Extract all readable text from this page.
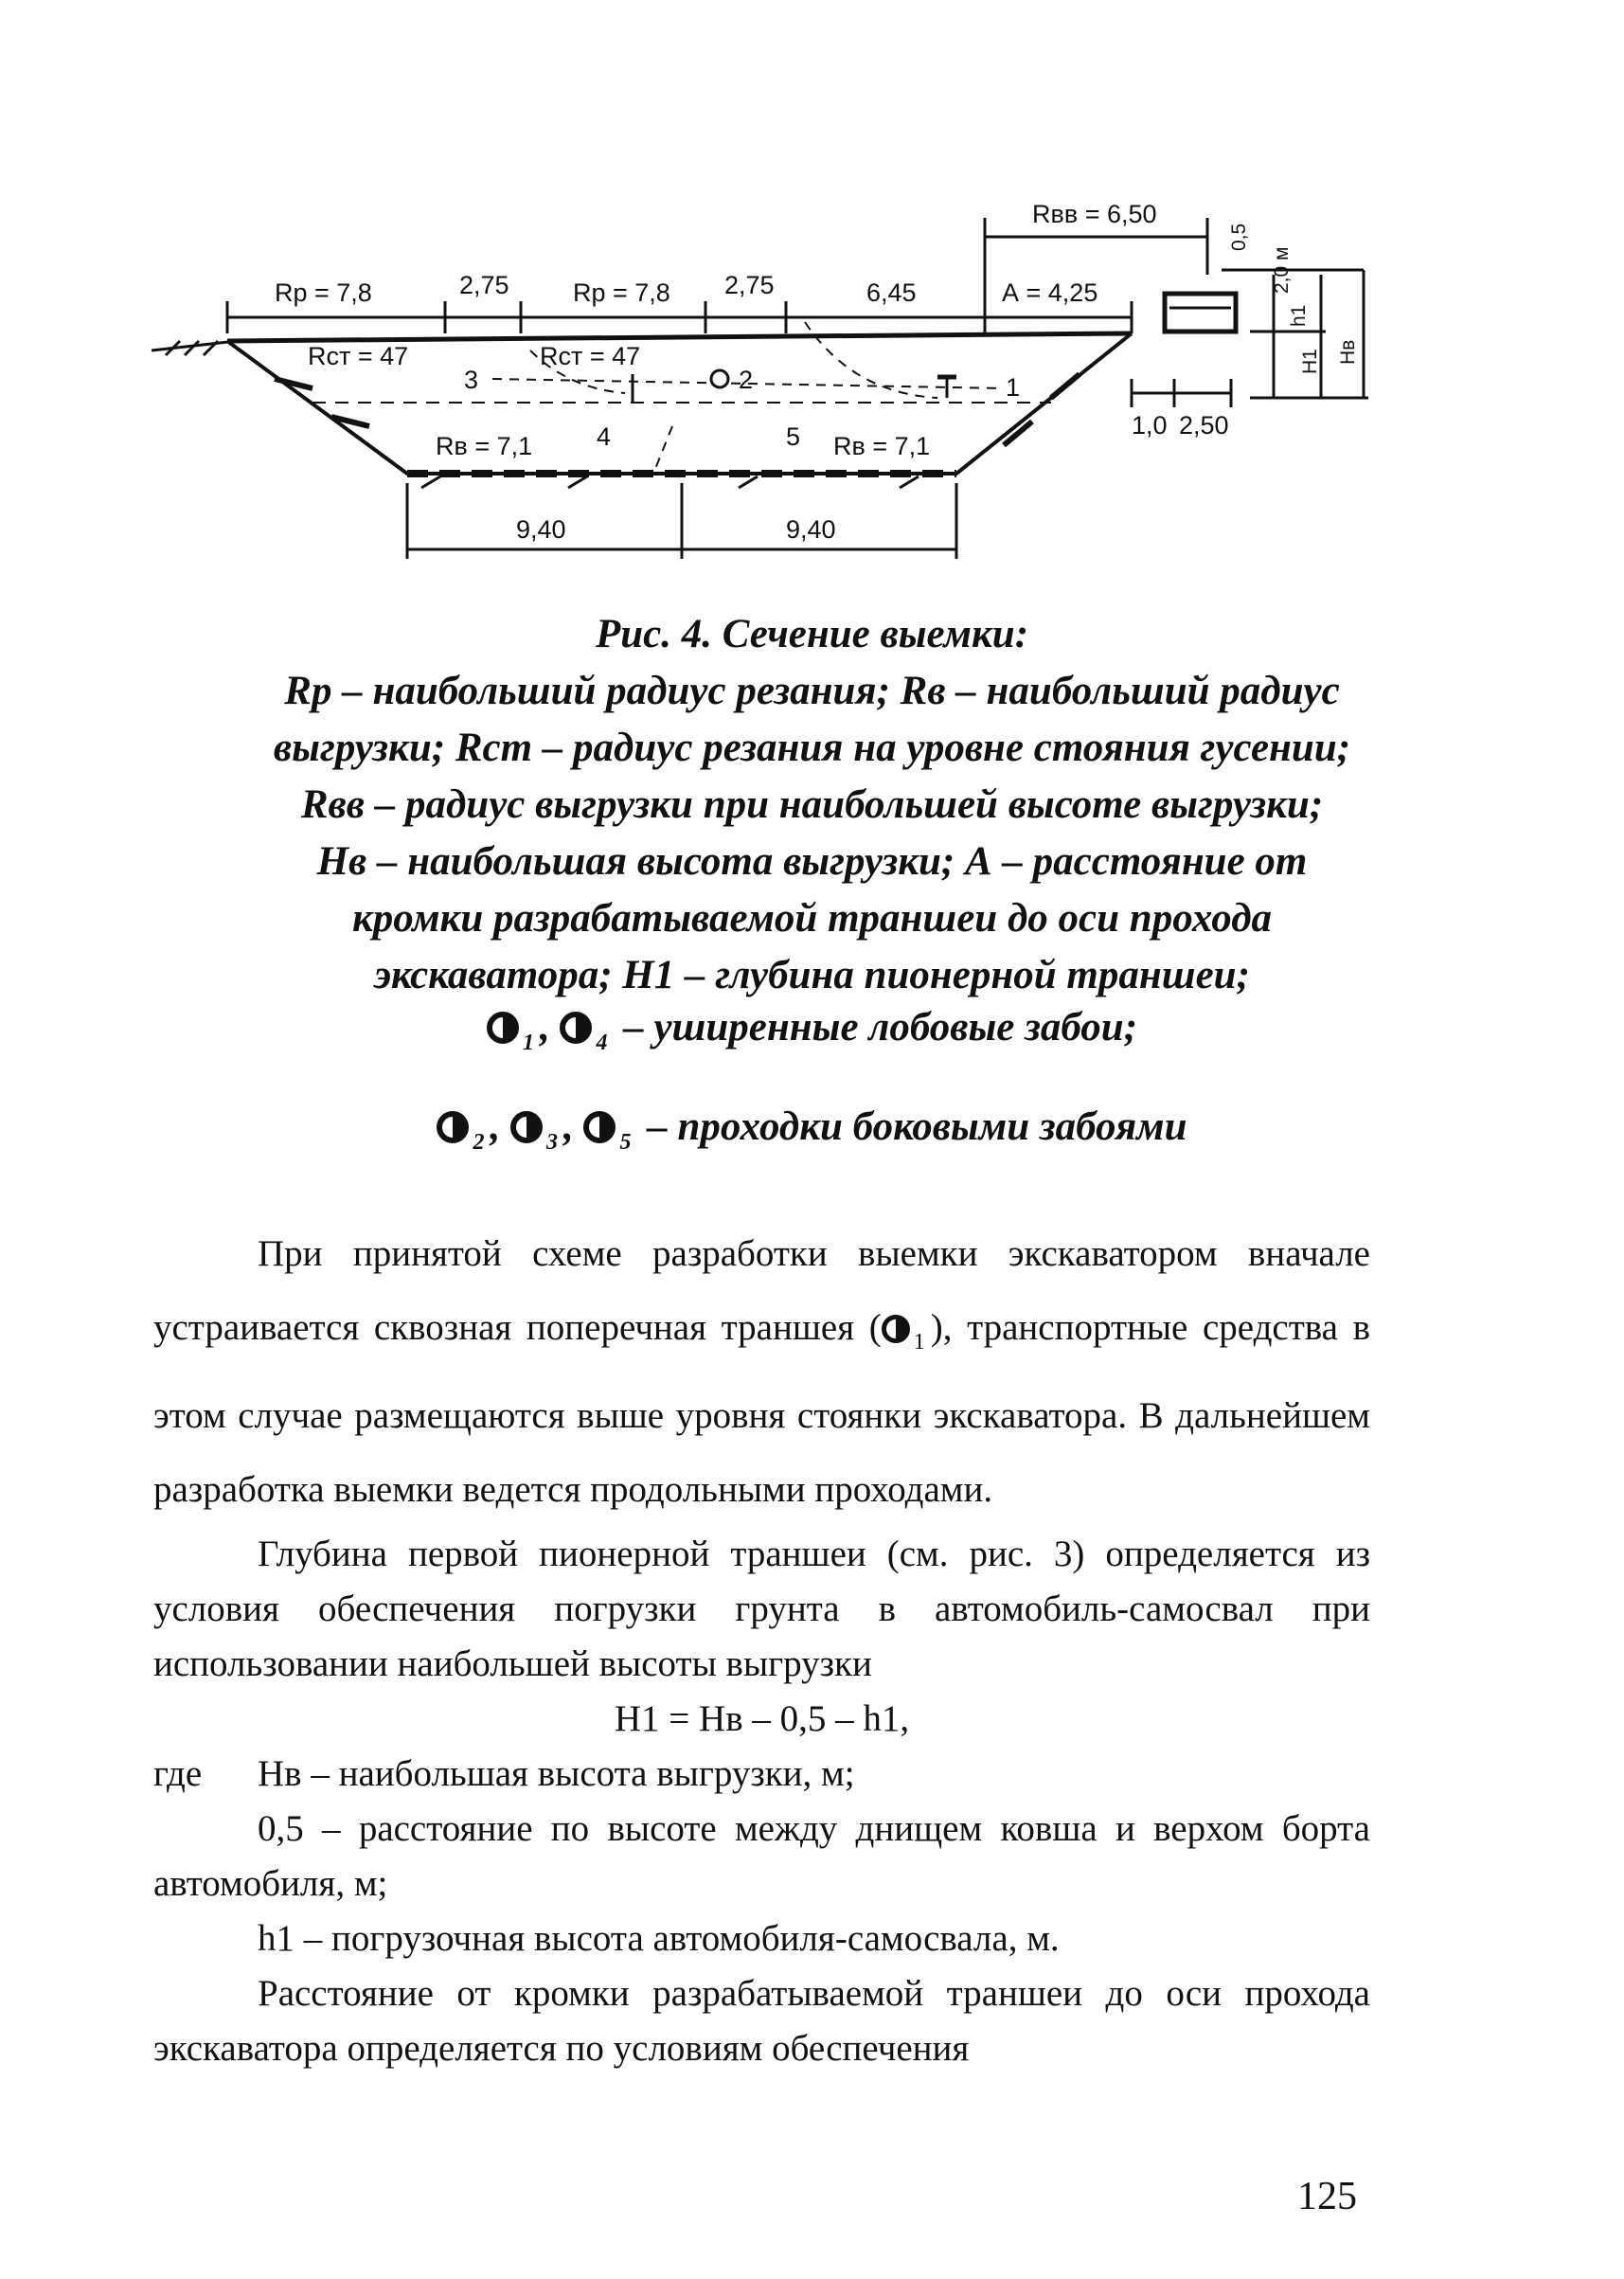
Rвв = 6,50
0,5
2,0 м
Rр = 7,8	2,75 Rр = 7,8 2,75	6,45	А = 4,25
Rст = 47	Rст = 47
3	2	1
4	5
Rв = 7,1	Rв = 7,1
h1
Н1 Нв
1,0 2,50
9,40	9,40

Рис. 4. Сечение выемки:

Rр – наибольший радиус резания; Rв – наибольший радиус

выгрузки; Rст – радиус резания на уровне стояния гусении;

Rвв – радиус выгрузки при наибольшей высоте выгрузки;

Нв – наибольшая высота выгрузки; А – расстояние от

кромки разрабатываемой траншеи до оси прохода

экскаватора; Н1 – глубина пионерной траншеи;

$_1$ , $_4$ – уширенные лобовые забои;
$_2$ , $_3$ , $_5$ – проходки боковыми забоями

При принятой схеме разработки выемки экскаватором вначале устраивается сквозная поперечная траншея ( $_1$ ), транспортные средства в этом случае размещаются выше уровня стоянки экскаватора. В дальнейшем разработка выемки ведется продольными проходами.

Глубина первой пионерной траншеи (см. рис. 3) определяется из условия обеспечения погрузки грунта в автомобиль-самосвал при использовании наибольшей высоты выгрузки

Н1 = Нв – 0,5 – h1,

где Нв – наибольшая высота выгрузки, м;

0,5 – расстояние по высоте между днищем ковша и верхом борта автомобиля, м;

h1 – погрузочная высота автомобиля-самосвала, м.

Расстояние от кромки разрабатываемой траншеи до оси прохода экскаватора определяется по условиям обеспечения

125
